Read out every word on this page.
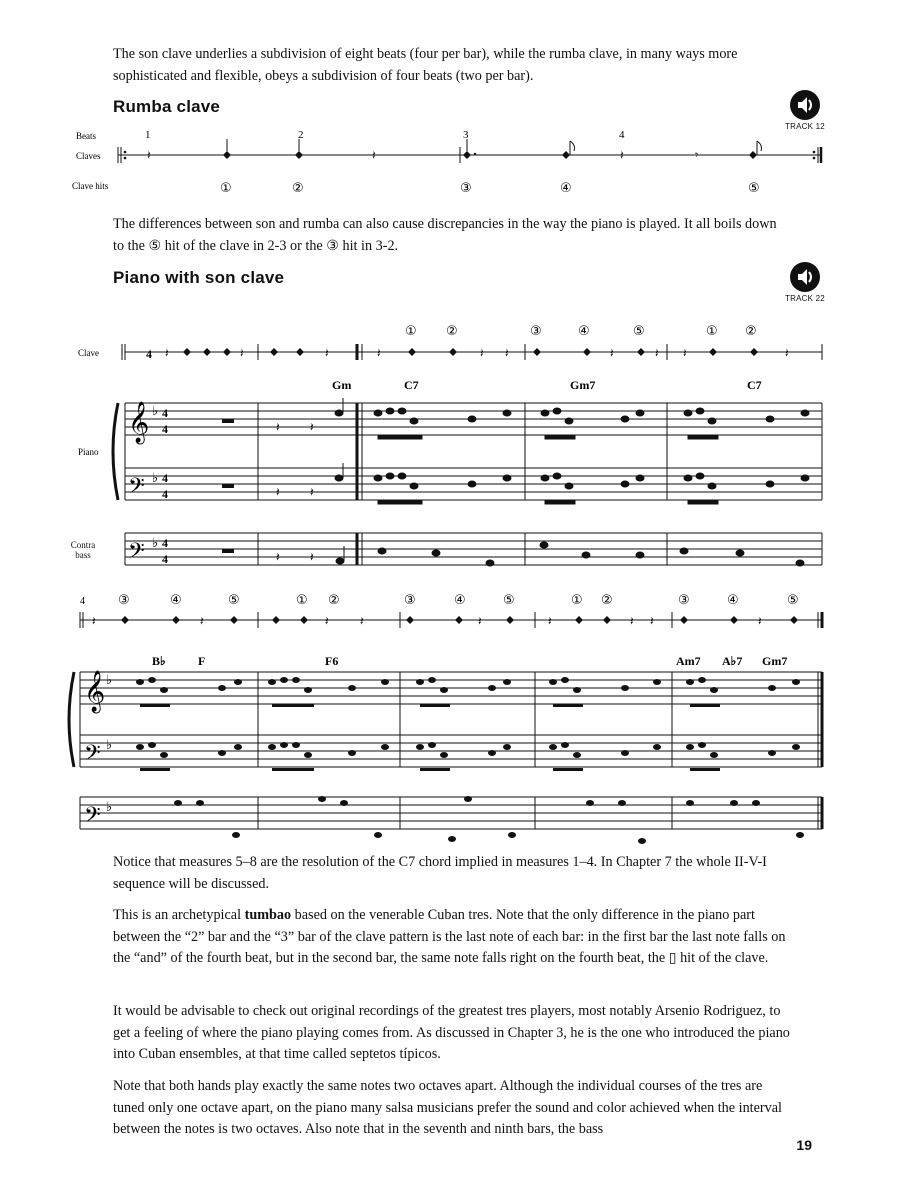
The son clave underlies a subdivision of eight beats (four per bar), while the rumba clave, in many ways more sophisticated and flexible, obeys a subdivision of four beats (two per bar).

Rumba clave
TRACK 12
Beats
Claves
Clave hits
1	2	3	4
𝄽	𝄽	𝄽	𝄾
①	②	③	④	⑤

The differences between son and rumba can also cause discrepancies in the way the piano is played. It all boils down to the ⑤ hit of the clave in 2-3 or the ③ hit in 3-2.

Piano with son clave
TRACK 22
① ②	③	④	⑤	① ②
Clave	4 𝄽	𝄽	𝄽	𝄽	𝄽 𝄽	𝄽	𝄽 𝄽	𝄽
Gm	C7	Gm7	C7
Piano
Contra bass
𝄞
𝄢
𝄢
♭
♭
♭
4
4
4
4
4
4
𝄽	𝄽
𝄽	𝄽
𝄽	𝄽
4	③	④	⑤	① ②	③	④	⑤	① ②	③	④	⑤
𝄽	𝄽	𝄽	𝄽	𝄽	𝄽	𝄽 𝄽	𝄽
B♭	F	F6	Am7 A♭7 Gm7
𝄞
𝄢
𝄢
♭
♭
♭

Notice that measures 5–8 are the resolution of the C7 chord implied in measures 1–4. In Chapter 7 the whole II-V-I sequence will be discussed.

This is an archetypical tumbao based on the venerable Cuban tres. Note that the only difference in the piano part between the “2” bar and the “3” bar of the clave pattern is the last note of each bar: in the first bar the last note falls on the “and” of the fourth beat, but in the second bar, the same note falls right on the fourth beat, the ▯ hit of the clave.

It would be advisable to check out original recordings of the greatest tres players, most notably Arsenio Rodriguez, to get a feeling of where the piano playing comes from. As discussed in Chapter 3, he is the one who introduced the piano into Cuban ensembles, at that time called septetos típicos.

Note that both hands play exactly the same notes two octaves apart. Although the individual courses of the tres are tuned only one octave apart, on the piano many salsa musicians prefer the sound and color achieved when the interval between the notes is two octaves. Also note that in the seventh and ninth bars, the bass

19
